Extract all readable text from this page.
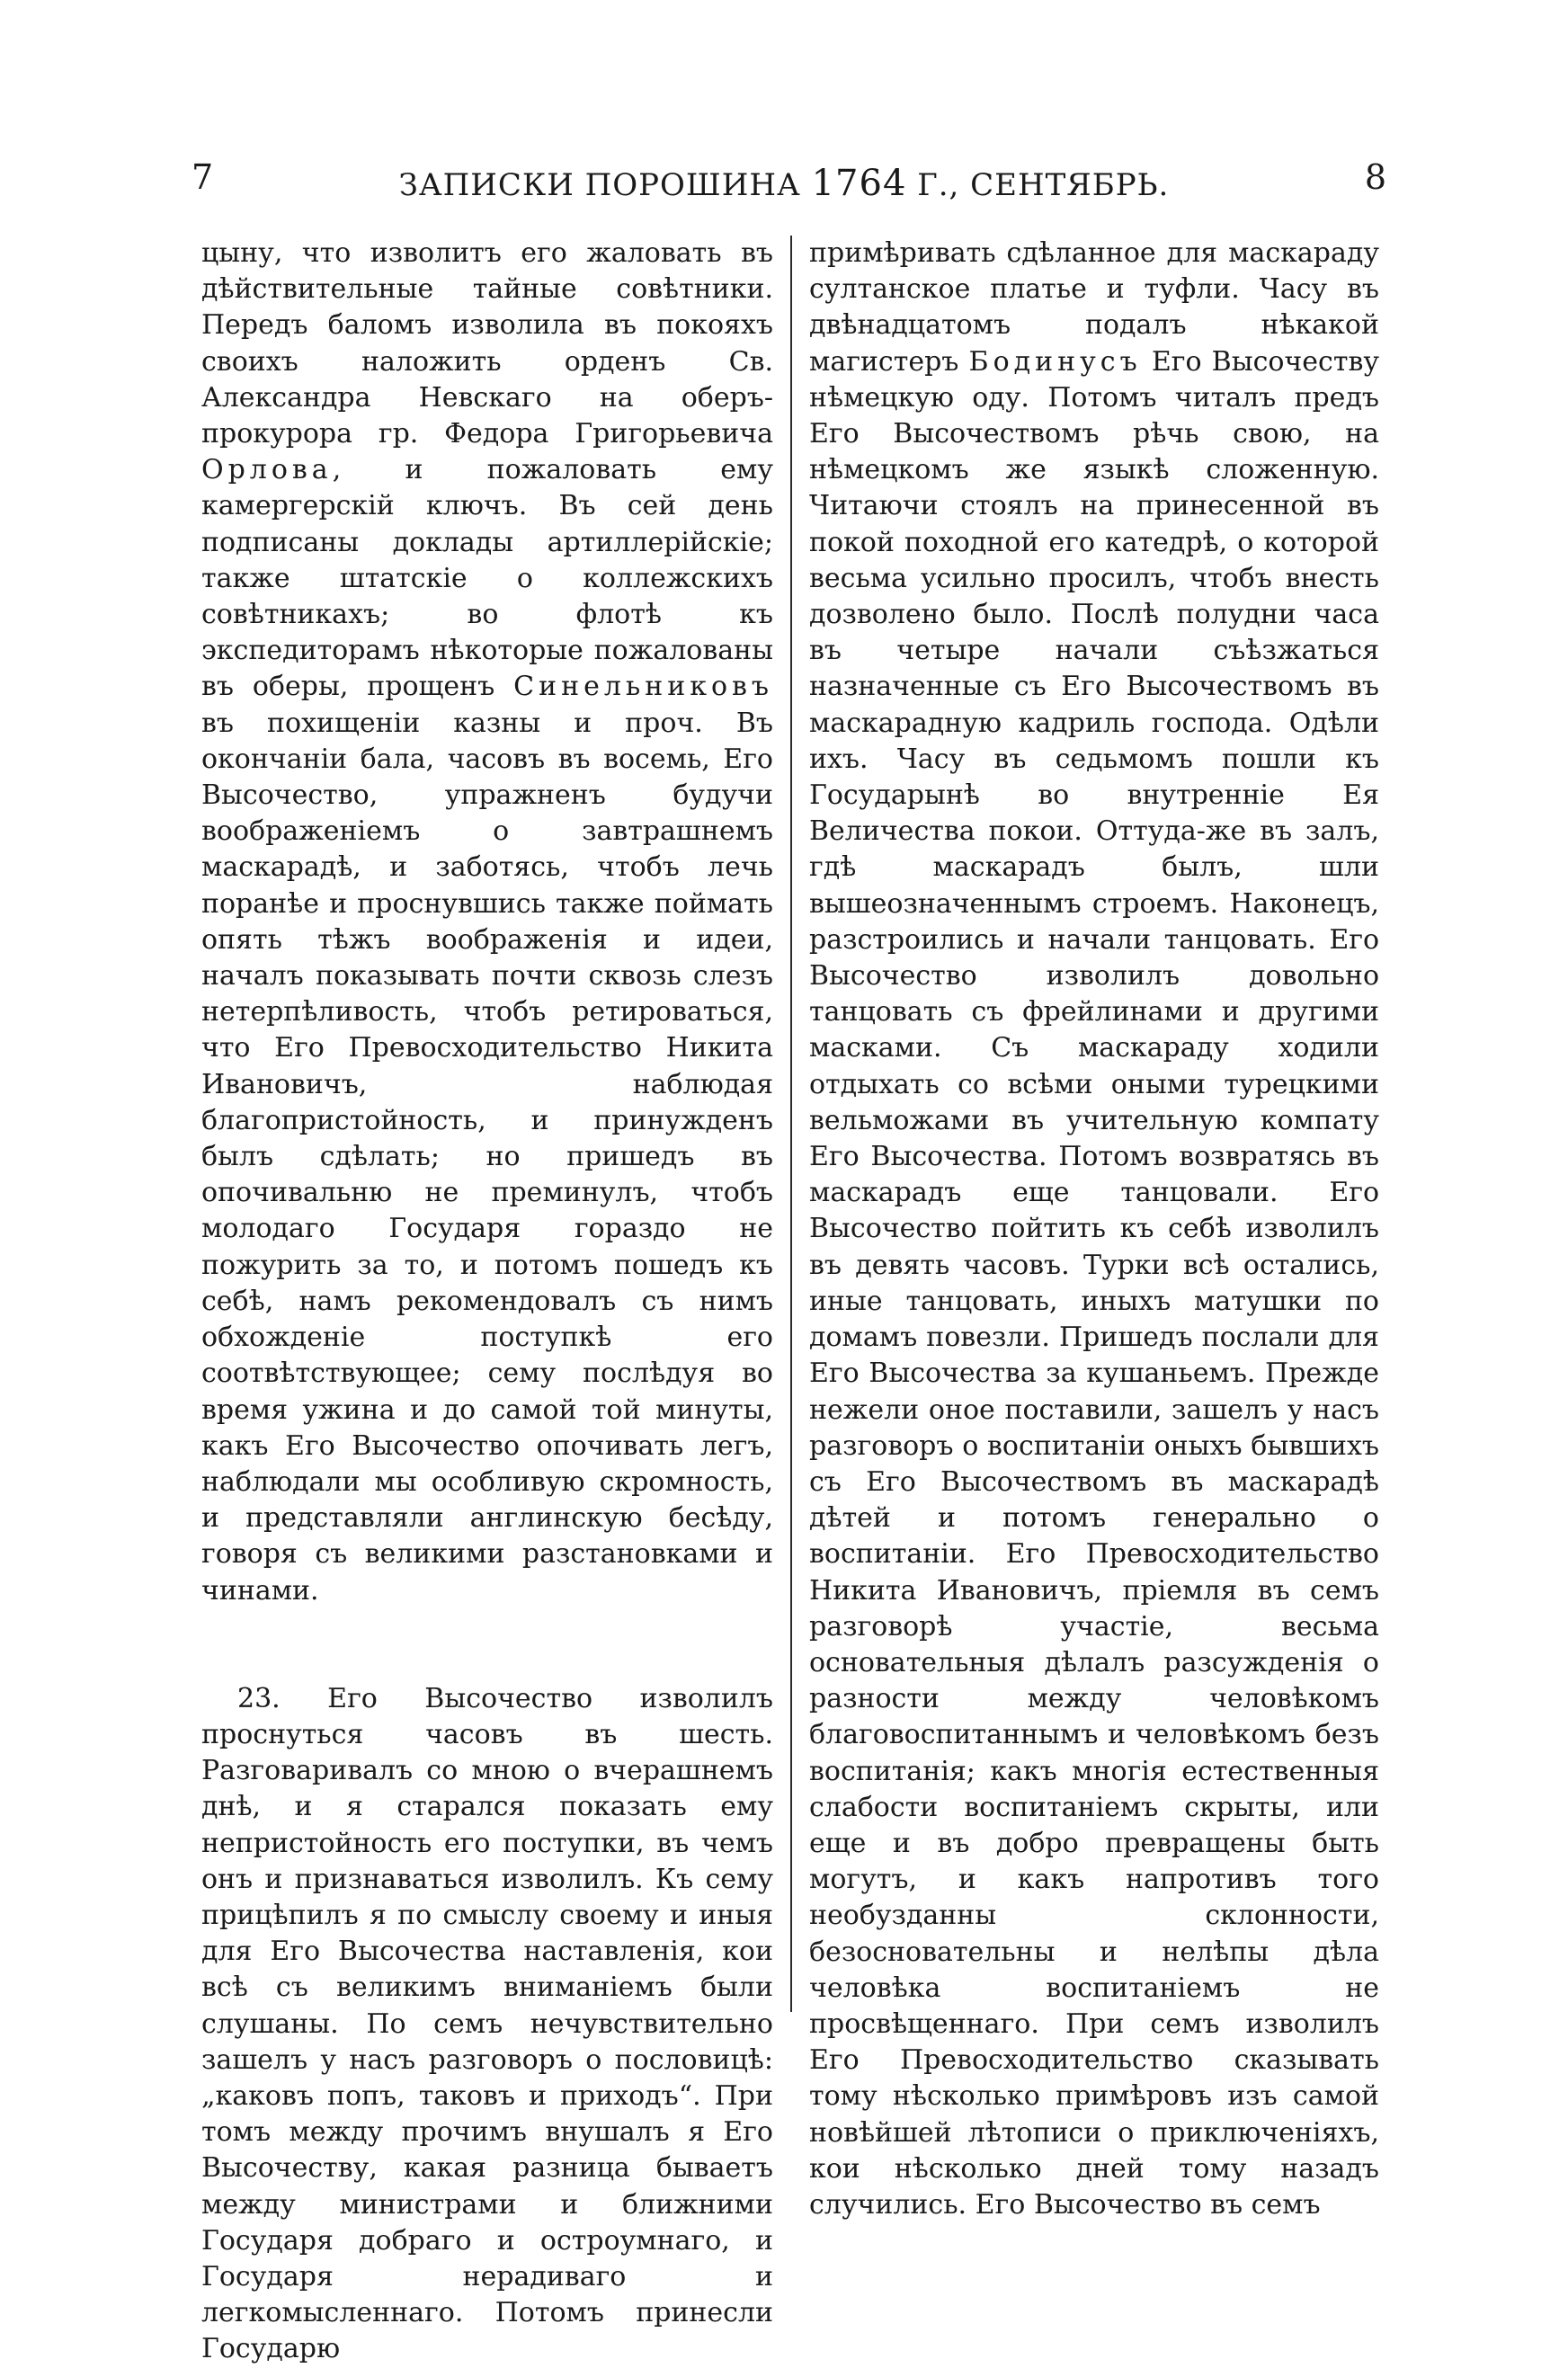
7	ЗАПИСКИ ПОРОШИНА 1764 Г., СЕНТЯБРЬ.	8

цыну, что изволитъ его жаловать въ дѣйствительные тайные совѣтники. Передъ баломъ изволила въ покояхъ своихъ наложить орденъ Св. Александра Невскаго на оберъ-прокурора гр. Федора Григорьевича Орлова, и пожаловать ему камергерскій ключъ. Въ сей день подписаны доклады артиллерійскіе; также штатскіе о коллежскихъ совѣтникахъ; во флотѣ къ экспедиторамъ нѣкоторые пожалованы въ оберы, прощенъ Синельниковъ въ похищеніи казны и проч. Въ окончаніи бала, часовъ въ восемь, Его Высочество, упражненъ будучи воображеніемъ о завтрашнемъ маскарадѣ, и заботясь, чтобъ лечь поранѣе и проснувшись также поймать опять тѣжъ воображенія и идеи, началъ показывать почти сквозь слезъ нетерпѣливость, чтобъ ретироваться, что Его Превосходительство Никита Ивановичъ, наблюдая благопристойность, и принужденъ былъ сдѣлать; но пришедъ въ опочивальню не преминулъ, чтобъ молодаго Государя гораздо не пожурить за то, и потомъ пошедъ къ себѣ, намъ рекомендовалъ съ нимъ обхожденіе поступкѣ его соотвѣтствующее; сему послѣдуя во время ужина и до самой той минуты, какъ Его Высочество опочивать легъ, наблюдали мы особливую скромность, и представляли англинскую бесѣду, говоря съ великими разстановками и чинами.

23. Его Высочество изволилъ проснуться часовъ въ шесть. Разговаривалъ со мною о вчерашнемъ днѣ, и я старался показать ему непристойность его поступки, въ чемъ онъ и признаваться изволилъ. Къ сему прицѣпилъ я по смыслу своему и иныя для Его Высочества наставленія, кои всѣ съ великимъ вниманіемъ были слушаны. По семъ нечувствительно зашелъ у насъ разговоръ о пословицѣ: „каковъ попъ, таковъ и приходъ“. При томъ между прочимъ внушалъ я Его Высочеству, какая разница бываетъ между министрами и ближними Государя добраго и остроумнаго, и Государя нерадиваго и легкомысленнаго. Потомъ принесли Государю

примѣривать сдѣланное для маскараду султанское платье и туфли. Часу въ двѣнадцатомъ подалъ нѣкакой магистеръ Бодинусъ Его Высочеству нѣмецкую оду. Потомъ читалъ предъ Его Высочествомъ рѣчь свою, на нѣмецкомъ же языкѣ сложенную. Читаючи стоялъ на принесенной въ покой походной его катедрѣ, о которой весьма усильно просилъ, чтобъ внесть дозволено было. Послѣ полудни часа въ четыре начали съѣзжаться назначенные съ Его Высочествомъ въ маскарадную кадриль господа. Одѣли ихъ. Часу въ седьмомъ пошли къ Государынѣ во внутренніе Ея Величества покои. Оттуда-же въ залъ, гдѣ маскарадъ былъ, шли вышеозначеннымъ строемъ. Наконецъ, разстроились и начали танцовать. Его Высочество изволилъ довольно танцовать съ фрейлинами и другими масками. Съ маскараду ходили отдыхать со всѣми оными турецкими вельможами въ учительную компату Его Высочества. Потомъ возвратясь въ маскарадъ еще танцовали. Его Высочество пойтить къ себѣ изволилъ въ девять часовъ. Турки всѣ остались, иные танцовать, иныхъ матушки по домамъ повезли. Пришедъ послали для Его Высочества за кушаньемъ. Прежде нежели оное поставили, зашелъ у насъ разговоръ о воспитаніи оныхъ бывшихъ съ Его Высочествомъ въ маскарадѣ дѣтей и потомъ генерально о воспитаніи. Его Превосходительство Никита Ивановичъ, пріемля въ семъ разговорѣ участіе, весьма основательныя дѣлалъ разсужденія о разности между человѣкомъ благовоспитаннымъ и человѣкомъ безъ воспитанія; какъ многія естественныя слабости воспитаніемъ скрыты, или еще и въ добро превращены быть могутъ, и какъ напротивъ того необузданны склонности, безосновательны и нелѣпы дѣла человѣка воспитаніемъ не просвѣщеннаго. При семъ изволилъ Его Превосходительство сказывать тому нѣсколько примѣровъ изъ самой новѣйшей лѣтописи о приключеніяхъ, кои нѣсколько дней тому назадъ случились. Его Высочество въ семъ
